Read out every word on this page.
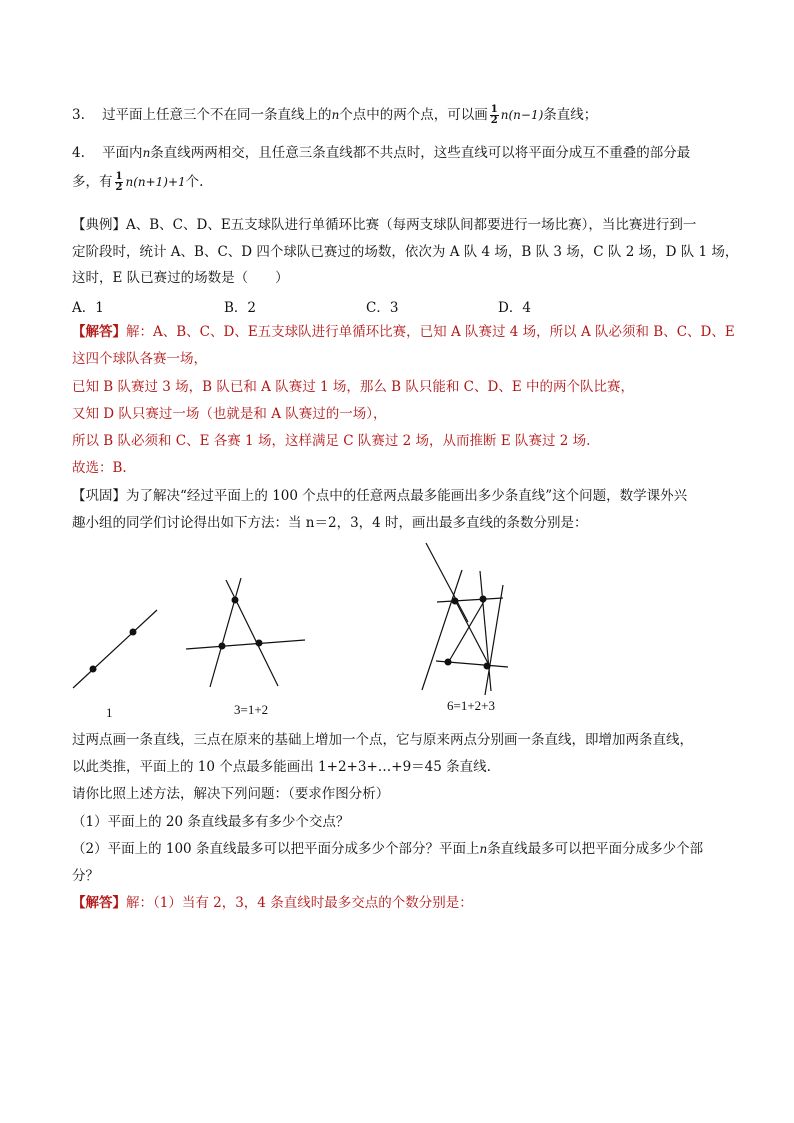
3. 过平面上任意三个不在同一条直线上的n个点中的两个点，可以画 $\frac{1}{2} n(n-1)$条直线；
4. 平面内n条直线两两相交，且任意三条直线都不共点时，这些直线可以将平面分成互不重叠的部分最
多，有 $\frac{1}{2} n(n+1)+1$个.
【典例】A、B、C、D、E五支球队进行单循环比赛（每两支球队间都要进行一场比赛），当比赛进行到一
定阶段时，统计 A、B、C、D 四个球队已赛过的场数，依次为 A 队 4 场，B 队 3 场，C 队 2 场，D 队 1 场，
这时，E 队已赛过的场数是（　　）
A．1	B．2	C．3	D．4
【解答】解：A、B、C、D、E五支球队进行单循环比赛，已知 A 队赛过 4 场，所以 A 队必须和 B、C、D、E
这四个球队各赛一场，
已知 B 队赛过 3 场，B 队已和 A 队赛过 1 场，那么 B 队只能和 C、D、E 中的两个队比赛，
又知 D 队只赛过一场（也就是和 A 队赛过的一场），
所以 B 队必须和 C、E 各赛 1 场，这样满足 C 队赛过 2 场，从而推断 E 队赛过 2 场.
故选：B.
【巩固】为了解决“经过平面上的 100 个点中的任意两点最多能画出多少条直线”这个问题，数学课外兴
趣小组的同学们讨论得出如下方法：当 n＝2，3，4 时，画出最多直线的条数分别是：
1	3=1+2	6=1+2+3
过两点画一条直线，三点在原来的基础上增加一个点，它与原来两点分别画一条直线，即增加两条直线，
以此类推，平面上的 10 个点最多能画出 1+2+3+…+9＝45 条直线.
请你比照上述方法，解决下列问题：（要求作图分析）
（1）平面上的 20 条直线最多有多少个交点？
（2）平面上的 100 条直线最多可以把平面分成多少个部分？平面上n条直线最多可以把平面分成多少个部
分？
【解答】解：（1）当有 2，3，4 条直线时最多交点的个数分别是：
